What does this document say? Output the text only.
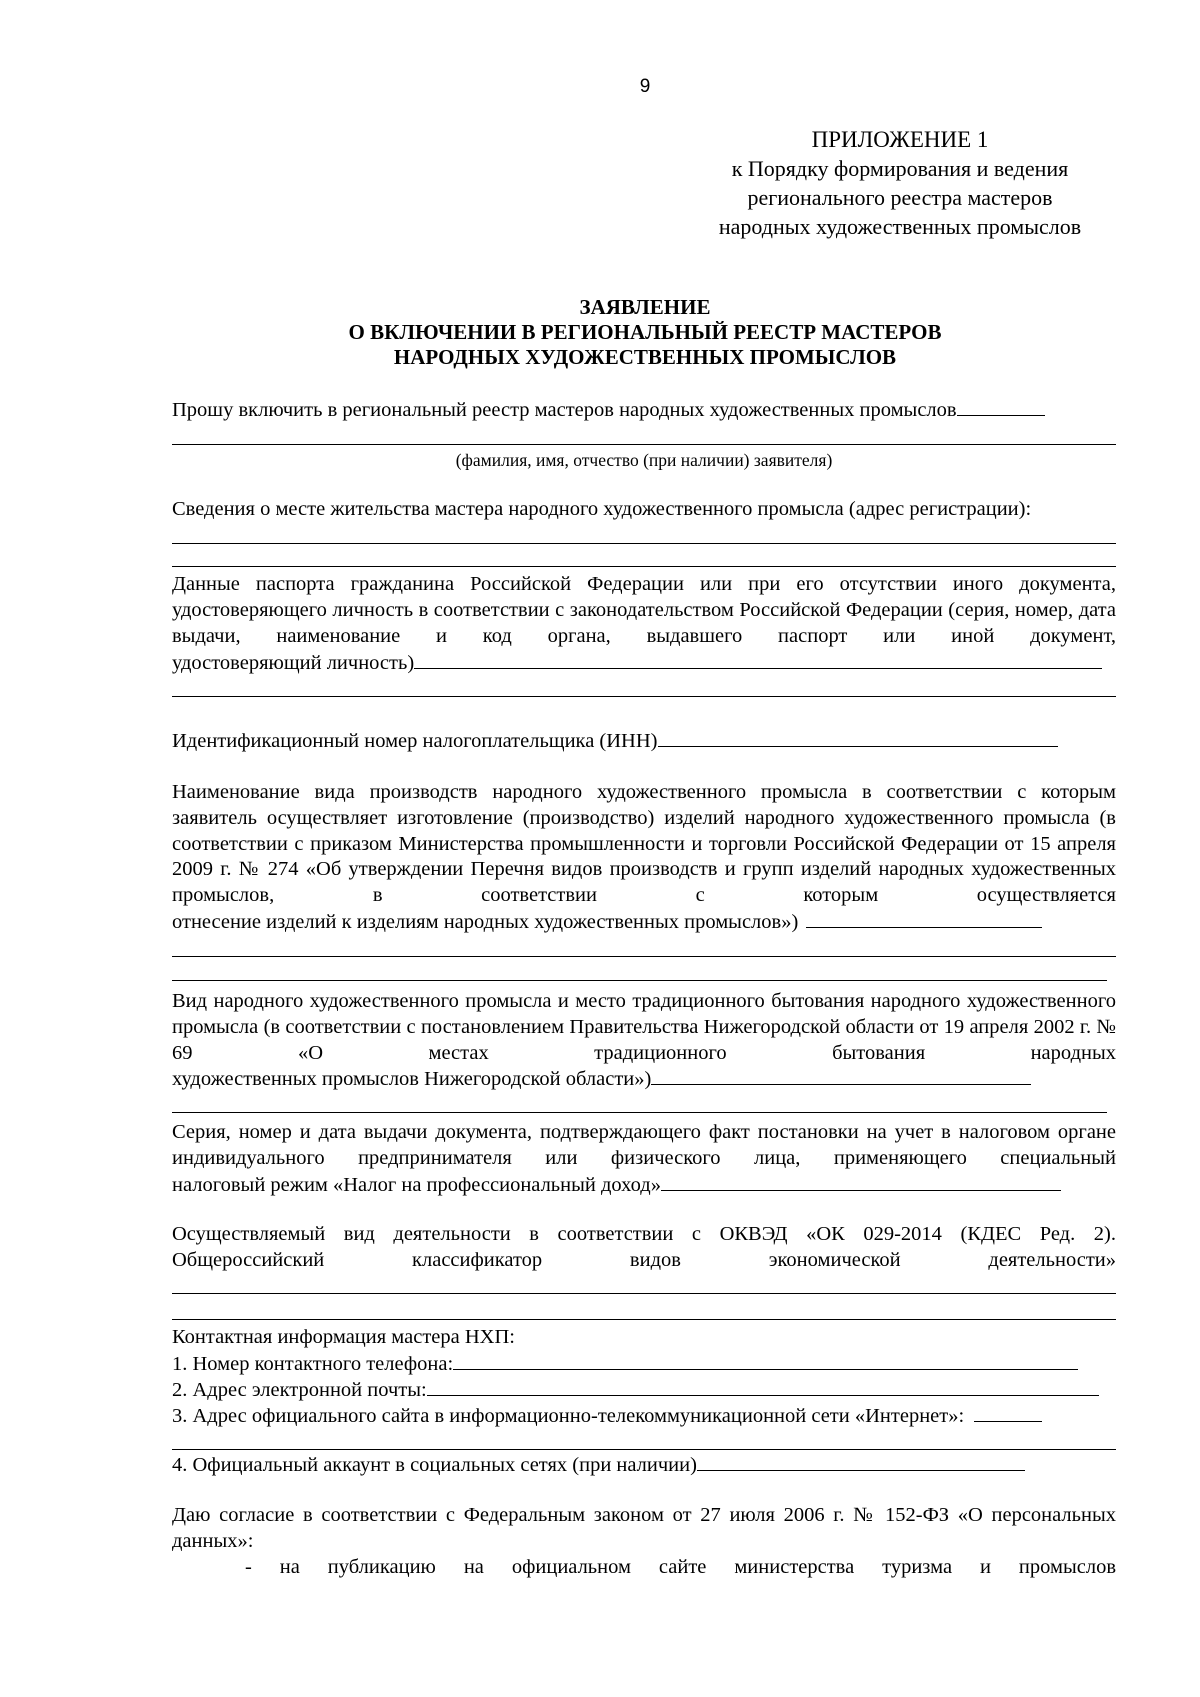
9
ПРИЛОЖЕНИЕ 1
к Порядку формирования и ведения
регионального реестра мастеров
народных художественных промыслов
ЗАЯВЛЕНИЕ
О ВКЛЮЧЕНИИ В РЕГИОНАЛЬНЫЙ РЕЕСТР МАСТЕРОВ
НАРОДНЫХ ХУДОЖЕСТВЕННЫХ ПРОМЫСЛОВ
Прошу включить в региональный реестр мастеров народных художественных промыслов
(фамилия, имя, отчество (при наличии) заявителя)
Сведения о месте жительства мастера народного художественного промысла (адрес регистрации):
Данные паспорта гражданина Российской Федерации или при его отсутствии иного документа, удостоверяющего личность в соответствии с законодательством Российской Федерации (серия, номер, дата выдачи, наименование и код органа, выдавшего паспорт или иной документ,
удостоверяющий личность)
Идентификационный номер налогоплательщика (ИНН)
Наименование вида производств народного художественного промысла в соответствии с которым заявитель осуществляет изготовление (производство) изделий народного художественного промысла (в соответствии с приказом Министерства промышленности и торговли Российской Федерации от 15 апреля 2009 г. № 274 «Об утверждении Перечня видов производств и групп изделий народных художественных промыслов, в соответствии с которым осуществляется
отнесение изделий к изделиям народных художественных промыслов»)
Вид народного художественного промысла и место традиционного бытования народного художественного промысла (в соответствии с постановлением Правительства Нижегородской области от 19 апреля 2002 г. № 69 «О местах традиционного бытования народных
художественных промыслов Нижегородской области»)
Серия, номер и дата выдачи документа, подтверждающего факт постановки на учет в налоговом органе индивидуального предпринимателя или физического лица, применяющего специальный
налоговый режим «Налог на профессиональный доход»
Осуществляемый вид деятельности в соответствии с ОКВЭД «ОК 029-2014 (КДЕС Ред. 2). Общероссийский классификатор видов экономической деятельности»
Контактная информация мастера НХП:
1. Номер контактного телефона:
2. Адрес электронной почты:
3. Адрес официального сайта в информационно-телекоммуникационной сети «Интернет»:
4. Официальный аккаунт в социальных сетях (при наличии)
Даю согласие в соответствии с Федеральным законом от 27 июля 2006 г. № 152-ФЗ «О персональных данных»:
- на публикацию на официальном сайте министерства туризма и промыслов
